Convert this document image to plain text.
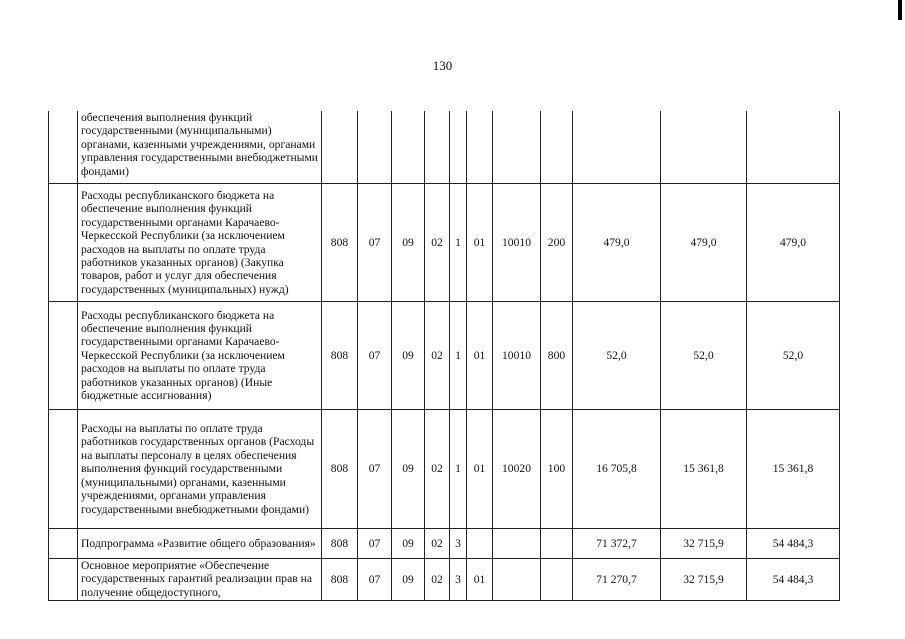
130
	обеспечения выполнения функций государственными (муниципальными) органами, казенными учреждениями, органами управления государственными внебюджетными фондами)											
	Расходы республиканского бюджета на обеспечение выполнения функций государственными органами Карачаево-Черкесской Республики (за исключением расходов на выплаты по оплате труда работников указанных органов) (Закупка товаров, работ и услуг для обеспечения государственных (муниципальных) нужд)	808	07	09	02	1	01	10010	200	479,0	479,0	479,0
	Расходы республиканского бюджета на обеспечение выполнения функций государственными органами Карачаево-Черкесской Республики (за исключением расходов на выплаты по оплате труда работников указанных органов) (Иные бюджетные ассигнования)	808	07	09	02	1	01	10010	800	52,0	52,0	52,0
	Расходы на выплаты по оплате труда работников государственных органов (Расходы на выплаты персоналу в целях обеспечения выполнения функций государственными (муниципальными) органами, казенными учреждениями, органами управления государственными внебюджетными фондами)	808	07	09	02	1	01	10020	100	16 705,8	15 361,8	15 361,8
	Подпрограмма «Развитие общего образования»	808	07	09	02	3				71 372,7	32 715,9	54 484,3
	Основное мероприятие «Обеспечение государственных гарантий реализации прав на получение общедоступного,	808	07	09	02	3	01			71 270,7	32 715,9	54 484,3
